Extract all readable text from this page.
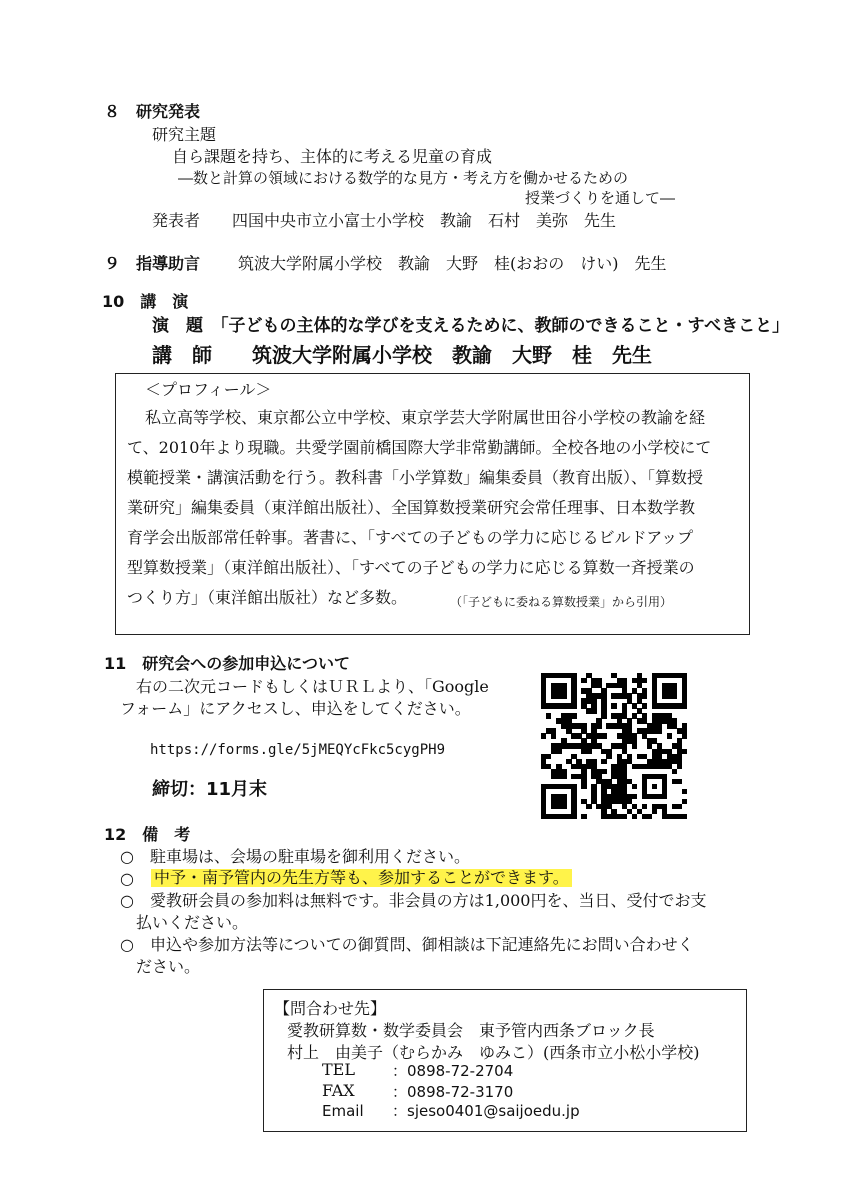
８　研究発表
研究主題
自ら課題を持ち、主体的に考える児童の育成
―数と計算の領域における数学的な見方・考え方を働かせるための
授業づくりを通して―
発表者　　四国中央市立小富士小学校　教諭　石村　美弥　先生
９　指導助言 筑波大学附属小学校　教諭　大野　桂(おおの　けい)　先生
10　講　演
演　題　「子どもの主体的な学びを支えるために、教師のできること・すべきこと」
講　師　　筑波大学附属小学校　教諭　大野　桂　先生
＜プロフィール＞
私立高等学校、東京都公立中学校、東京学芸大学附属世田谷小学校の教諭を経
て、2010年より現職。共愛学園前橋国際大学非常勤講師。全校各地の小学校にて
模範授業・講演活動を行う。教科書「小学算数」編集委員（教育出版）、「算数授
業研究」編集委員（東洋館出版社）、全国算数授業研究会常任理事、日本数学教
育学会出版部常任幹事。著書に、「すべての子どもの学力に応じるビルドアップ
型算数授業」（東洋館出版社）、「すべての子どもの学力に応じる算数一斉授業の
つくり方」（東洋館出版社）など多数。	（「子どもに委ねる算数授業」から引用）
11　研究会への参加申込について
右の二次元コードもしくはＵＲＬより、「Google
フォーム」にアクセスし、申込をしてください。
https://forms.gle/5jMEQYcFkc5cygPH9
締切：11月末
12　備　考
○　駐車場は、会場の駐車場を御利用ください。
○　 中予・南予管内の先生方等も、参加することができます。
○　愛教研会員の参加料は無料です。非会員の方は1,000円を、当日、受付でお支
払いください。
○　申込や参加方法等についての御質問、御相談は下記連絡先にお問い合わせく
ださい。
【問合わせ先】
愛教研算数・数学委員会　東予管内西条ブロック長
村上　由美子（むらかみ　ゆみこ）(西条市立小松小学校)
TEL ：0898-72-2704
FAX ：0898-72-3170
Email ：sjeso0401@saijoedu.jp
